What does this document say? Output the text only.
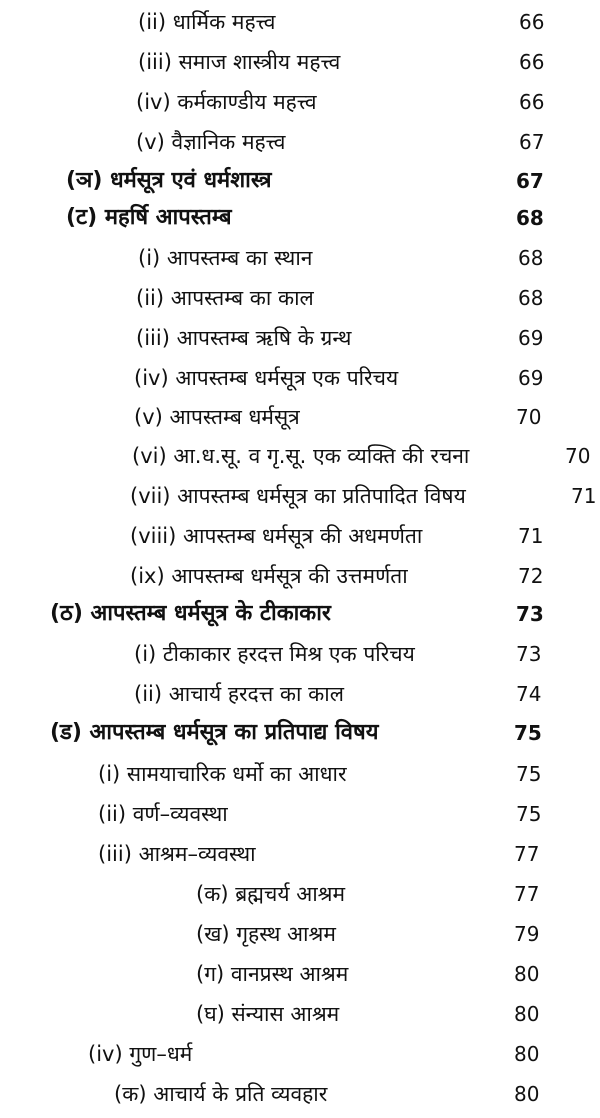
(ii) धार्मिक महत्त्व	66
(iii) समाज शास्त्रीय महत्त्व	66
(iv) कर्मकाण्डीय महत्त्व	66
(v) वैज्ञानिक महत्त्व	67
(ञ) धर्मसूत्र एवं धर्मशास्त्र	67
(ट) महर्षि आपस्तम्ब	68
(i) आपस्तम्ब का स्थान	68
(ii) आपस्तम्ब का काल	68
(iii) आपस्तम्ब ऋषि के ग्रन्थ	69
(iv) आपस्तम्ब धर्मसूत्र एक परिचय	69
(v) आपस्तम्ब धर्मसूत्र	70
(vi) आ.ध.सू. व गृ.सू. एक व्यक्ति की रचना	70
(vii) आपस्तम्ब धर्मसूत्र का प्रतिपादित विषय	71
(viii) आपस्तम्ब धर्मसूत्र की अधमर्णता	71
(ix) आपस्तम्ब धर्मसूत्र की उत्तमर्णता	72
(ठ) आपस्तम्ब धर्मसूत्र के टीकाकार	73
(i) टीकाकार हरदत्त मिश्र एक परिचय	73
(ii) आचार्य हरदत्त का काल	74
(ड) आपस्तम्ब धर्मसूत्र का प्रतिपाद्य विषय	75
(i) सामयाचारिक धर्मो का आधार	75
(ii) वर्ण–व्यवस्था	75
(iii) आश्रम–व्यवस्था	77
(क) ब्रह्मचर्य आश्रम	77
(ख) गृहस्थ आश्रम	79
(ग) वानप्रस्थ आश्रम	80
(घ) संन्यास आश्रम	80
(iv) गुण–धर्म	80
(क) आचार्य के प्रति व्यवहार	80
